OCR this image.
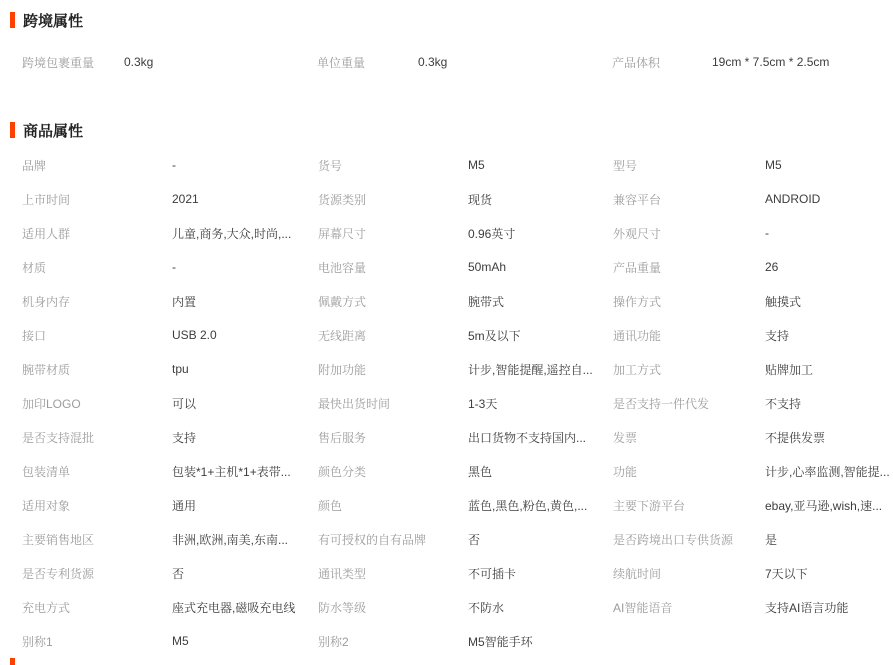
跨境属性
跨境包裹重量	0.3kg	单位重量	0.3kg	产品体积	19cm * 7.5cm * 2.5cm
商品属性
品牌	-	货号	M5	型号	M5
上市时间	2021	货源类别	现货	兼容平台	ANDROID
适用人群	儿童,商务,大众,时尚,...	屏幕尺寸	0.96英寸	外观尺寸	-
材质	-	电池容量	50mAh	产品重量	26
机身内存	内置	佩戴方式	腕带式	操作方式	触摸式
接口	USB 2.0	无线距离	5m及以下	通讯功能	支持
腕带材质	tpu	附加功能	计步,智能提醒,遥控自...	加工方式	贴牌加工
加印LOGO	可以	最快出货时间	1-3天	是否支持一件代发	不支持
是否支持混批	支持	售后服务	出口货物不支持国内...	发票	不提供发票
包装清单	包装*1+主机*1+表带...	颜色分类	黑色	功能	计步,心率监测,智能提...
适用对象	通用	颜色	蓝色,黑色,粉色,黄色,...	主要下游平台	ebay,亚马逊,wish,速...
主要销售地区	非洲,欧洲,南美,东南...	有可授权的自有品牌	否	是否跨境出口专供货源	是
是否专利货源	否	通讯类型	不可插卡	续航时间	7天以下
充电方式	座式充电器,磁吸充电线	防水等级	不防水	AI智能语音	支持AI语言功能
别称1	M5	别称2	M5智能手环
